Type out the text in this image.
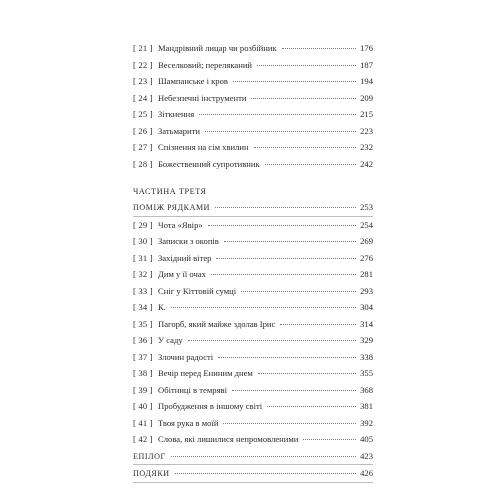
[ 21 ] Мандрівний лицар чи розбійник	176
[ 22 ] Веселковий; переляканий	187
[ 23 ] Шампанське і кров	194
[ 24 ] Небезпечні інструменти	209
[ 25 ] Зіткнення	215
[ 26 ] Затьмарити	223
[ 27 ] Спізнення на сім хвилин	232
[ 28 ] Божественний супротивник	242
ЧАСТИНА ТРЕТЯ
ПОМІЖ РЯДКАМИ	253
[ 29 ] Чота «Явір»	254
[ 30 ] Записки з окопів	269
[ 31 ] Західний вітер	276
[ 32 ] Дим у її очах	281
[ 33 ] Сніг у Кіттовій сумці	293
[ 34 ] К.	304
[ 35 ] Пагорб, який майже здолав Ірис	314
[ 36 ] У саду	329
[ 37 ] Злочин радості	338
[ 38 ] Вечір перед Ениним днем	355
[ 39 ] Обітниці в темряві	368
[ 40 ] Пробудження в іншому світі	381
[ 41 ] Твоя рука в моїй	392
[ 42 ] Слова, які лишилися непромовленими	405
ЕПІЛОГ	423
ПОДЯКИ	426
